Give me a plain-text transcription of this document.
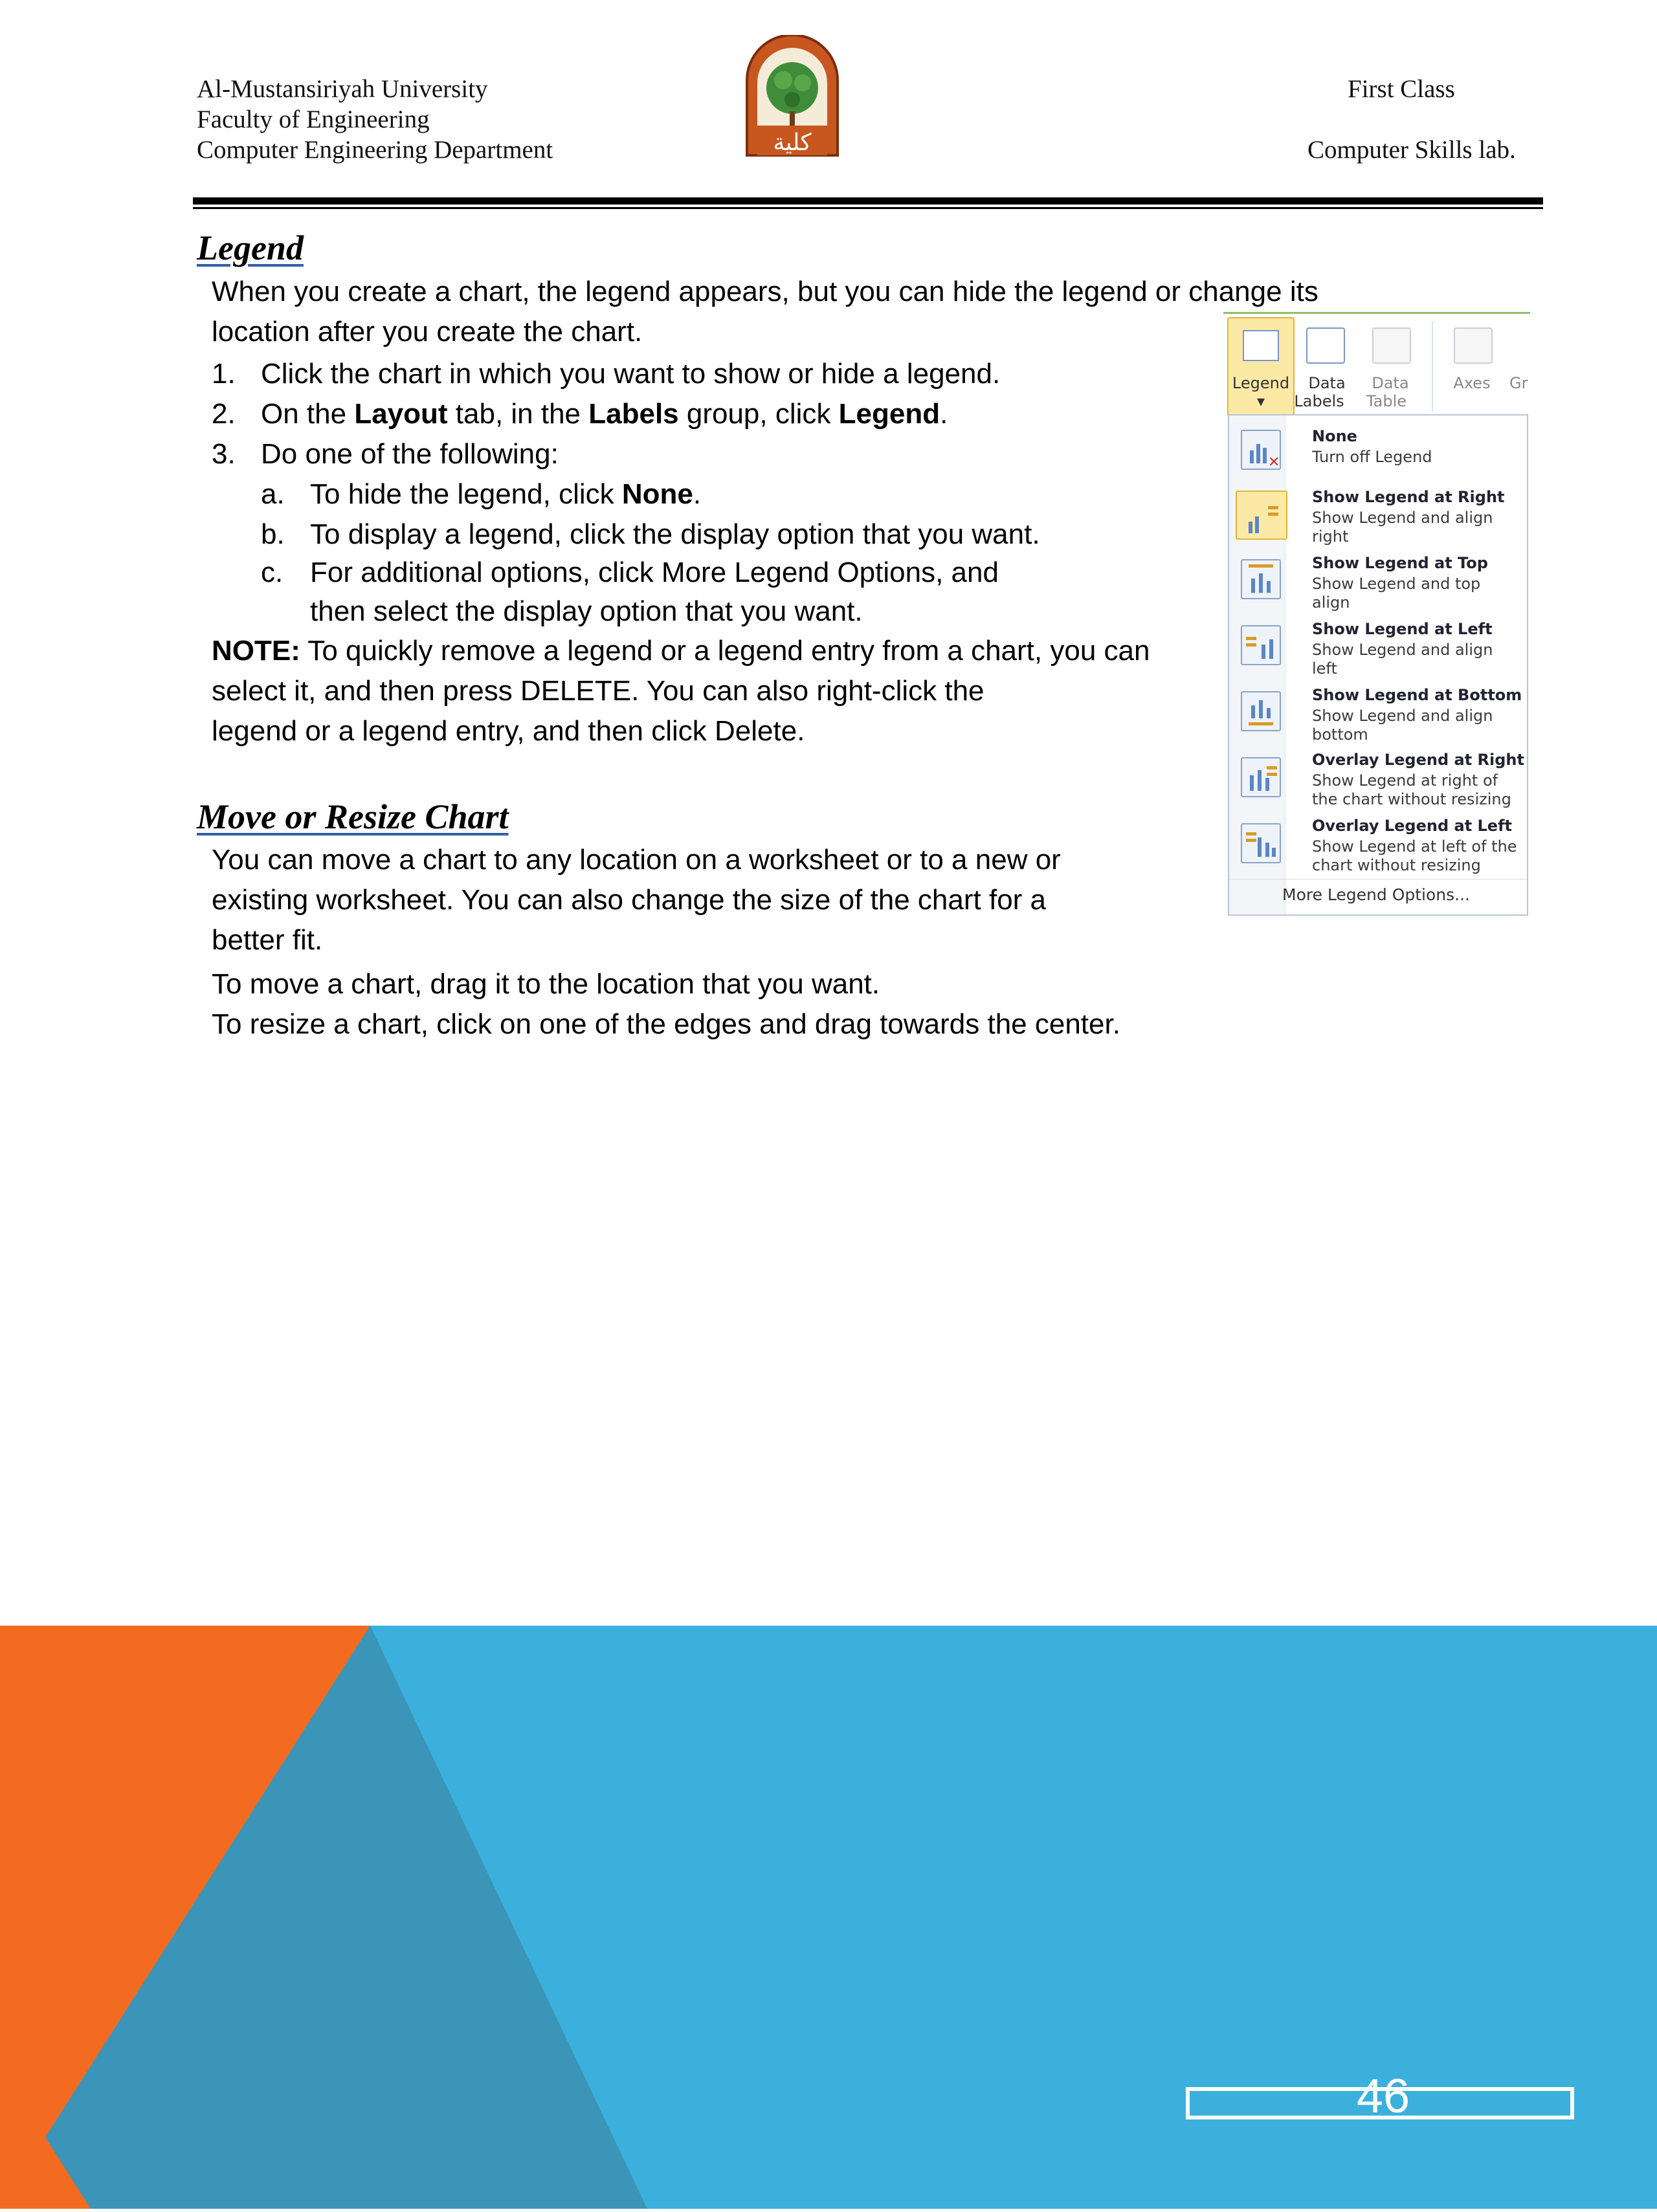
Al-Mustansiriyah University
Faculty of Engineering
Computer Engineering Department
First Class
Computer Skills lab.
كلية
Legend
When you create a chart, the legend appears, but you can hide the legend or change its
location after you create the chart.
1. Click the chart in which you want to show or hide a legend.
2. On the Layout tab, in the Labels group, click Legend.
3. Do one of the following:
a. To hide the legend, click None.
b. To display a legend, click the display option that you want.
c. For additional options, click More Legend Options, and
then select the display option that you want.
NOTE: To quickly remove a legend or a legend entry from a chart, you can
select it, and then press DELETE. You can also right-click the
legend or a legend entry, and then click Delete.
Move or Resize Chart
You can move a chart to any location on a worksheet or to a new or
existing worksheet. You can also change the size of the chart for a
better fit.
To move a chart, drag it to the location that you want.
To resize a chart, click on one of the edges and drag towards the center.
Legend
▾
Data
Labels
Data
Table
Axes	Gr
✕
None
Turn off Legend
Show Legend at Right
Show Legend and align right
Show Legend at Top
Show Legend and top align
Show Legend at Left
Show Legend and align left
Show Legend at Bottom
Show Legend and align bottom
Overlay Legend at Right
Show Legend at right of the chart without resizing
Overlay Legend at Left
Show Legend at left of the chart without resizing
More Legend Options...
46
